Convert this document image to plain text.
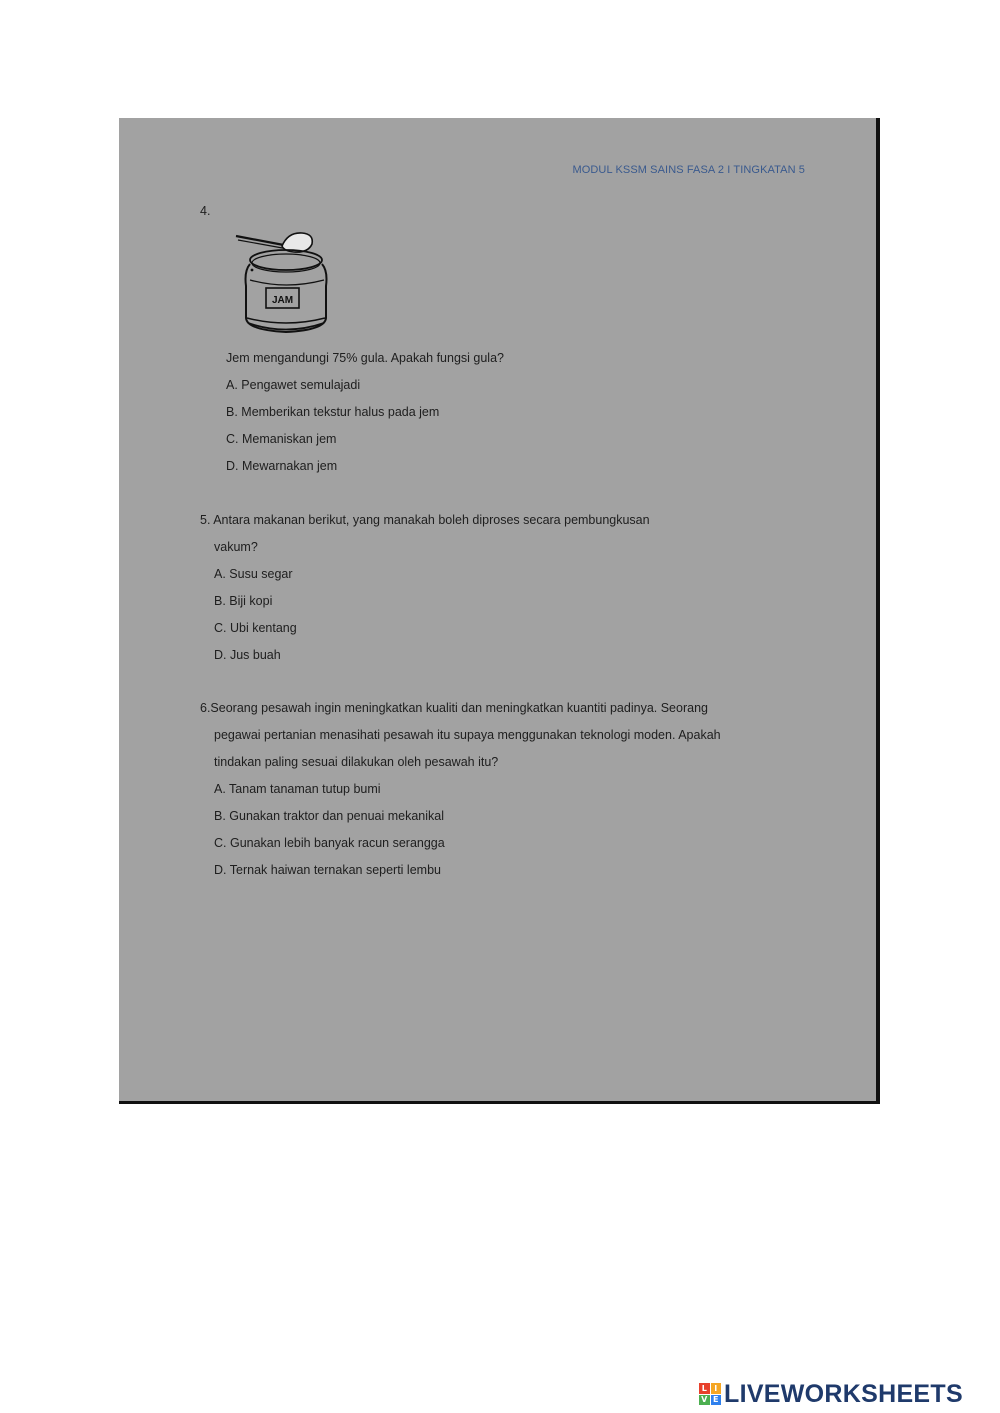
MODUL KSSM SAINS FASA 2 I TINGKATAN 5
4.
JAM
Jem mengandungi 75% gula. Apakah fungsi gula?
A. Pengawet semulajadi
B. Memberikan tekstur halus pada jem
C. Memaniskan jem
D. Mewarnakan jem
5. Antara makanan berikut, yang manakah boleh diproses secara pembungkusan
vakum?
A. Susu segar
B. Biji kopi
C. Ubi kentang
D. Jus buah
6.Seorang pesawah ingin meningkatkan kualiti dan meningkatkan kuantiti padinya. Seorang
pegawai pertanian menasihati pesawah itu supaya menggunakan teknologi moden. Apakah
tindakan paling sesuai dilakukan oleh pesawah itu?
A. Tanam tanaman tutup bumi
B. Gunakan traktor dan penuai mekanikal
C. Gunakan lebih banyak racun serangga
D. Ternak haiwan ternakan seperti lembu
L I
V E LIVEWORKSHEETS
